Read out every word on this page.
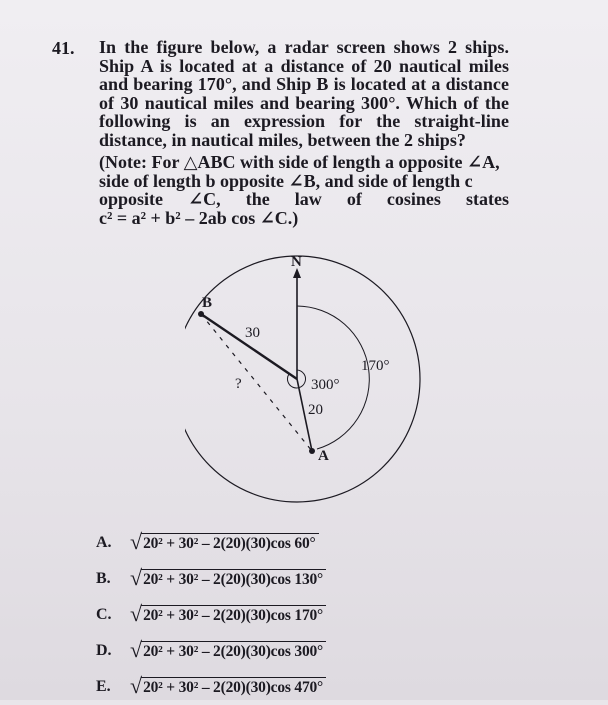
41. In the figure below, a radar screen shows 2 ships. Ship A is located at a distance of 20 nautical miles and bearing 170°, and Ship B is located at a distance of 30 nautical miles and bearing 300°. Which of the following is an expression for the straight-line distance, in nautical miles, between the 2 ships?
(Note: For △ABC with side of length a opposite ∠A,
side of length b opposite ∠B, and side of length c
opposite ∠C, the law of cosines states
c² = a² + b² – 2ab cos ∠C.)
N
170°
A
20
B
30
300°
?
A. √ 20² + 30² – 2(20)(30)cos 60°
B. √ 20² + 30² – 2(20)(30)cos 130°
C. √ 20² + 30² – 2(20)(30)cos 170°
D. √ 20² + 30² – 2(20)(30)cos 300°
E. √ 20² + 30² – 2(20)(30)cos 470°
